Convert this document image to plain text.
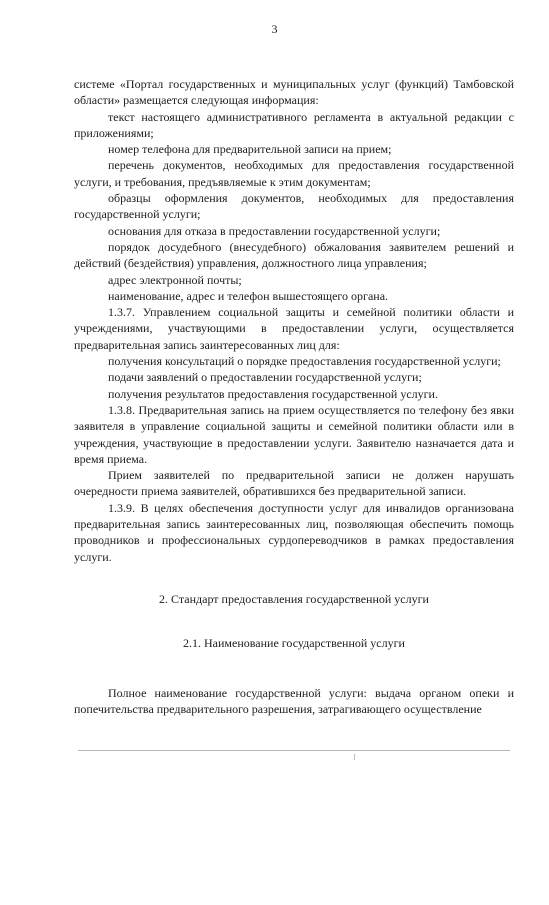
3

системе «Портал государственных и муниципальных услуг (функций) Тамбовской области» размещается следующая информация:

текст настоящего административного регламента в актуальной редакции с приложениями;

номер телефона для предварительной записи на прием;

перечень документов, необходимых для предоставления государственной услуги, и требования, предъявляемые к этим документам;

образцы оформления документов, необходимых для предоставления государственной услуги;

основания для отказа в предоставлении государственной услуги;

порядок досудебного (внесудебного) обжалования заявителем решений и действий (бездействия) управления, должностного лица управления;

адрес электронной почты;

наименование, адрес и телефон вышестоящего органа.

1.3.7. Управлением социальной защиты и семейной политики области и учреждениями, участвующими в предоставлении услуги, осуществляется предварительная запись заинтересованных лиц для:

получения консультаций о порядке предоставления государственной услуги;

подачи заявлений о предоставлении государственной услуги;

получения результатов предоставления государственной услуги.

1.3.8. Предварительная запись на прием осуществляется по телефону без явки заявителя в управление социальной защиты и семейной политики области или в учреждения, участвующие в предоставлении услуги. Заявителю назначается дата и время приема.

Прием заявителей по предварительной записи не должен нарушать очередности приема заявителей, обратившихся без предварительной записи.

1.3.9. В целях обеспечения доступности услуг для инвалидов организована предварительная запись заинтересованных лиц, позволяющая обеспечить помощь проводников и профессиональных сурдопереводчиков в рамках предоставления услуги.

2. Стандарт предоставления государственной услуги

2.1. Наименование государственной услуги

Полное наименование государственной услуги: выдача органом опеки и попечительства предварительного разрешения, затрагивающего осуществление
